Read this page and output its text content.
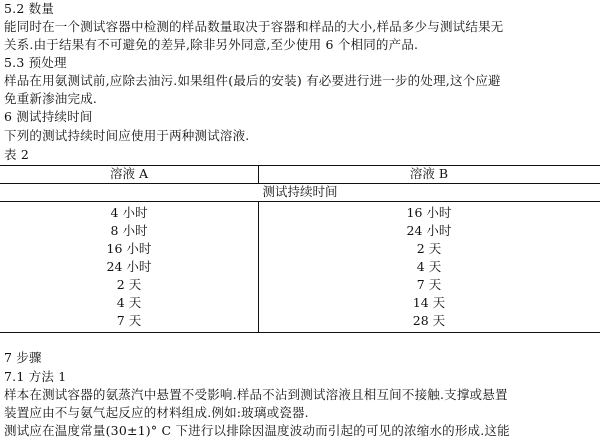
5.2 数量
能同时在一个测试容器中检测的样品数量取决于容器和样品的大小,样品多少与测试结果无
关系.由于结果有不可避免的差异,除非另外同意,至少使用 6 个相同的产品.
5.3 预处理
样品在用氨测试前,应除去油污.如果组件(最后的安装) 有必要进行进一步的处理,这个应避
免重新渗油完成.
6 测试持续时间
下列的测试持续时间应使用于两种测试溶液.
表 2
溶液 A	溶液 B
测试持续时间
4 小时	16 小时
8 小时	24 小时
16 小时	2 天
24 小时	4 天
2 天	7 天
4 天	14 天
7 天	28 天
7 步骤
7.1 方法 1
样本在测试容器的氨蒸汽中悬置不受影响.样品不沾到测试溶液且相互间不接触.支撑或悬置
装置应由不与氨气起反应的材料组成.例如:玻璃或瓷器.
测试应在温度常量(30±1)° C 下进行以排除因温度波动而引起的可见的浓缩水的形成.这能
